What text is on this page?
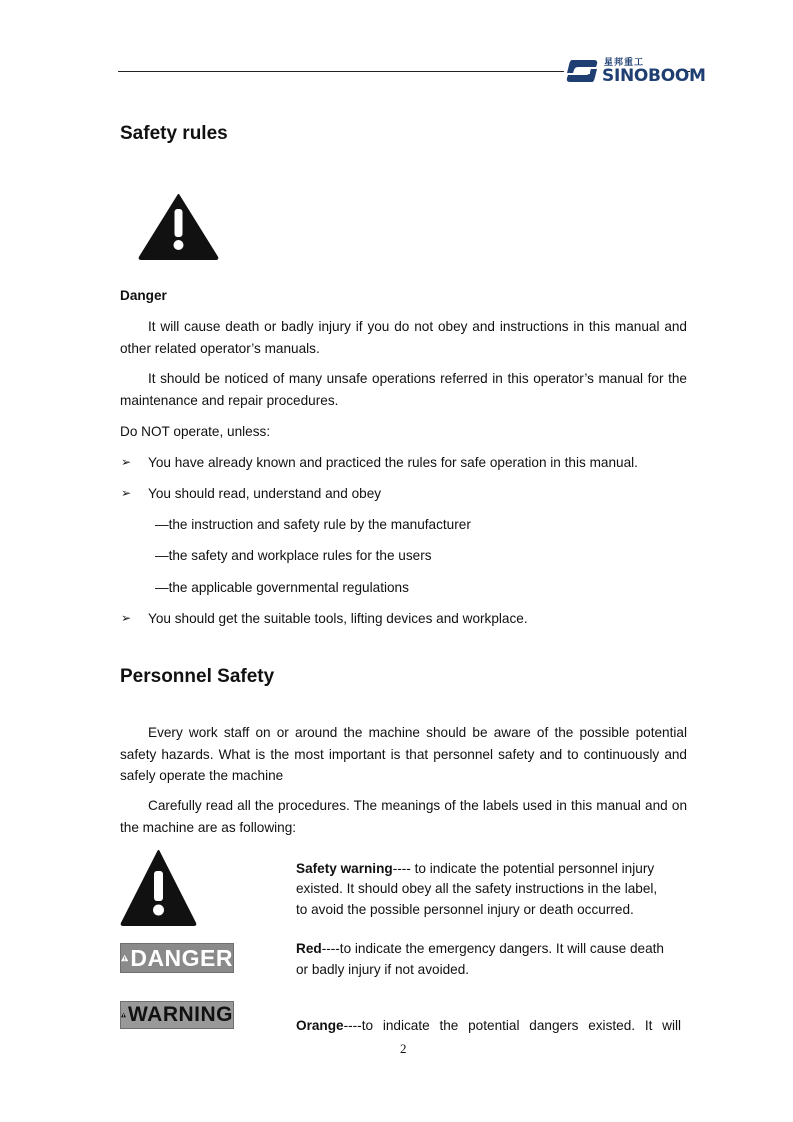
星邦重工
SINOBOOM
Safety rules
Danger
It will cause death or badly injury if you do not obey and instructions in this manual and other related operator’s manuals.
It should be noticed of many unsafe operations referred in this operator’s manual for the maintenance and repair procedures.
Do NOT operate, unless:
➢ You have already known and practiced the rules for safe operation in this manual.
➢ You should read, understand and obey
—the instruction and safety rule by the manufacturer
—the safety and workplace rules for the users
—the applicable governmental regulations
➢ You should get the suitable tools, lifting devices and workplace.
Personnel Safety
Every work staff on or around the machine should be aware of the possible potential safety hazards. What is the most important is that personnel safety and to continuously and safely operate the machine
Carefully read all the procedures. The meanings of the labels used in this manual and on the machine are as following:
DANGER
WARNING
Safety warning---- to indicate the potential personnel injury
existed. It should obey all the safety instructions in the label,
to avoid the possible personnel injury or death occurred.
Red----to indicate the emergency dangers. It will cause death
or badly injury if not avoided.
Orange----to indicate the potential dangers existed. It will
2
